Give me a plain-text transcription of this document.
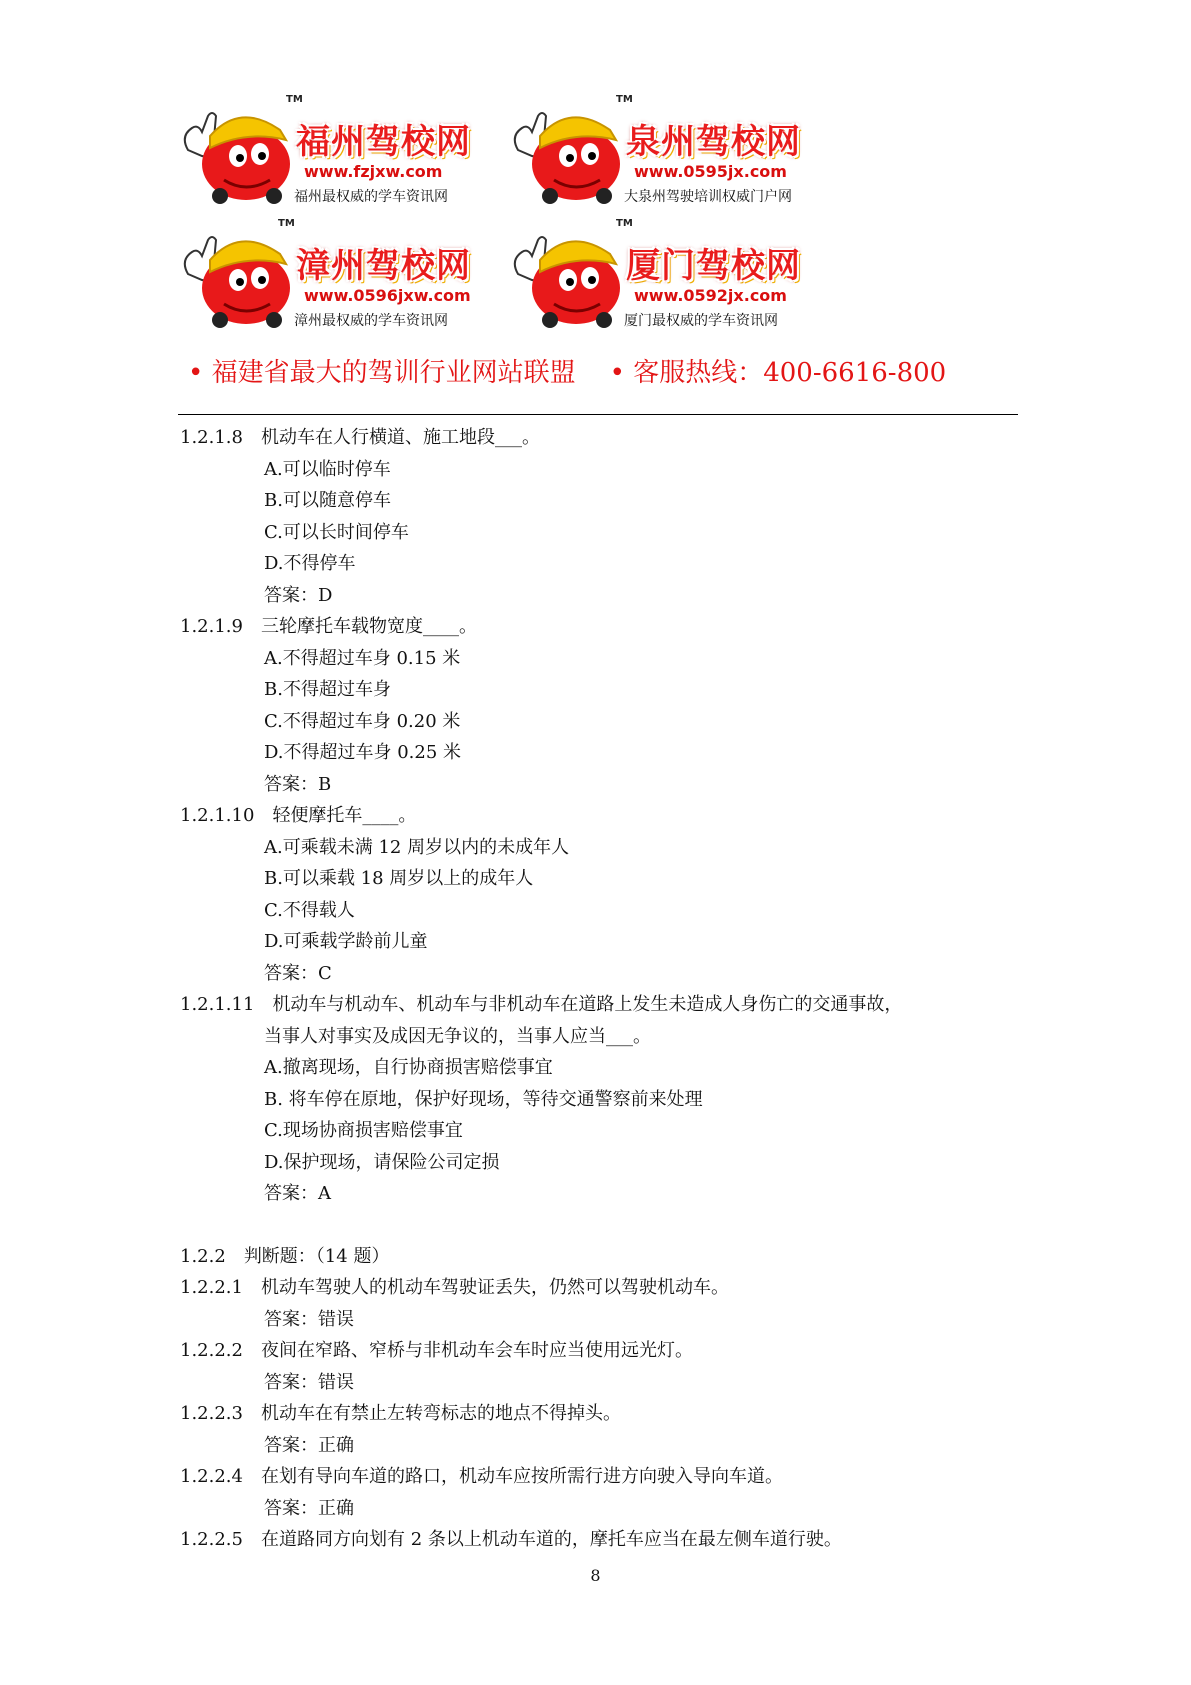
TM
福州驾校网
www.fzjxw.com
福州最权威的学车资讯网
TM
泉州驾校网
www.0595jx.com
大泉州驾驶培训权威门户网
TM
漳州驾校网
www.0596jxw.com
漳州最权威的学车资讯网
TM
厦门驾校网
www.0592jx.com
厦门最权威的学车资讯网
• 福建省最大的驾训行业网站联盟 • 客服热线：400-6616-800
1.2.1.8 机动车在人行横道、施工地段___。
A.可以临时停车
B.可以随意停车
C.可以长时间停车
D.不得停车
答案：D
1.2.1.9 三轮摩托车载物宽度____。
A.不得超过车身 0.15 米
B.不得超过车身
C.不得超过车身 0.20 米
D.不得超过车身 0.25 米
答案：B
1.2.1.10 轻便摩托车____。
A.可乘载未满 12 周岁以内的未成年人
B.可以乘载 18 周岁以上的成年人
C.不得载人
D.可乘载学龄前儿童
答案：C
1.2.1.11 机动车与机动车、机动车与非机动车在道路上发生未造成人身伤亡的交通事故，
当事人对事实及成因无争议的，当事人应当___。
A.撤离现场，自行协商损害赔偿事宜
B. 将车停在原地，保护好现场，等待交通警察前来处理
C.现场协商损害赔偿事宜
D.保护现场，请保险公司定损
答案：A
1.2.2 判断题：（14 题）
1.2.2.1 机动车驾驶人的机动车驾驶证丢失，仍然可以驾驶机动车。
答案：错误
1.2.2.2 夜间在窄路、窄桥与非机动车会车时应当使用远光灯。
答案：错误
1.2.2.3 机动车在有禁止左转弯标志的地点不得掉头。
答案：正确
1.2.2.4 在划有导向车道的路口，机动车应按所需行进方向驶入导向车道。
答案：正确
1.2.2.5 在道路同方向划有 2 条以上机动车道的，摩托车应当在最左侧车道行驶。
8
